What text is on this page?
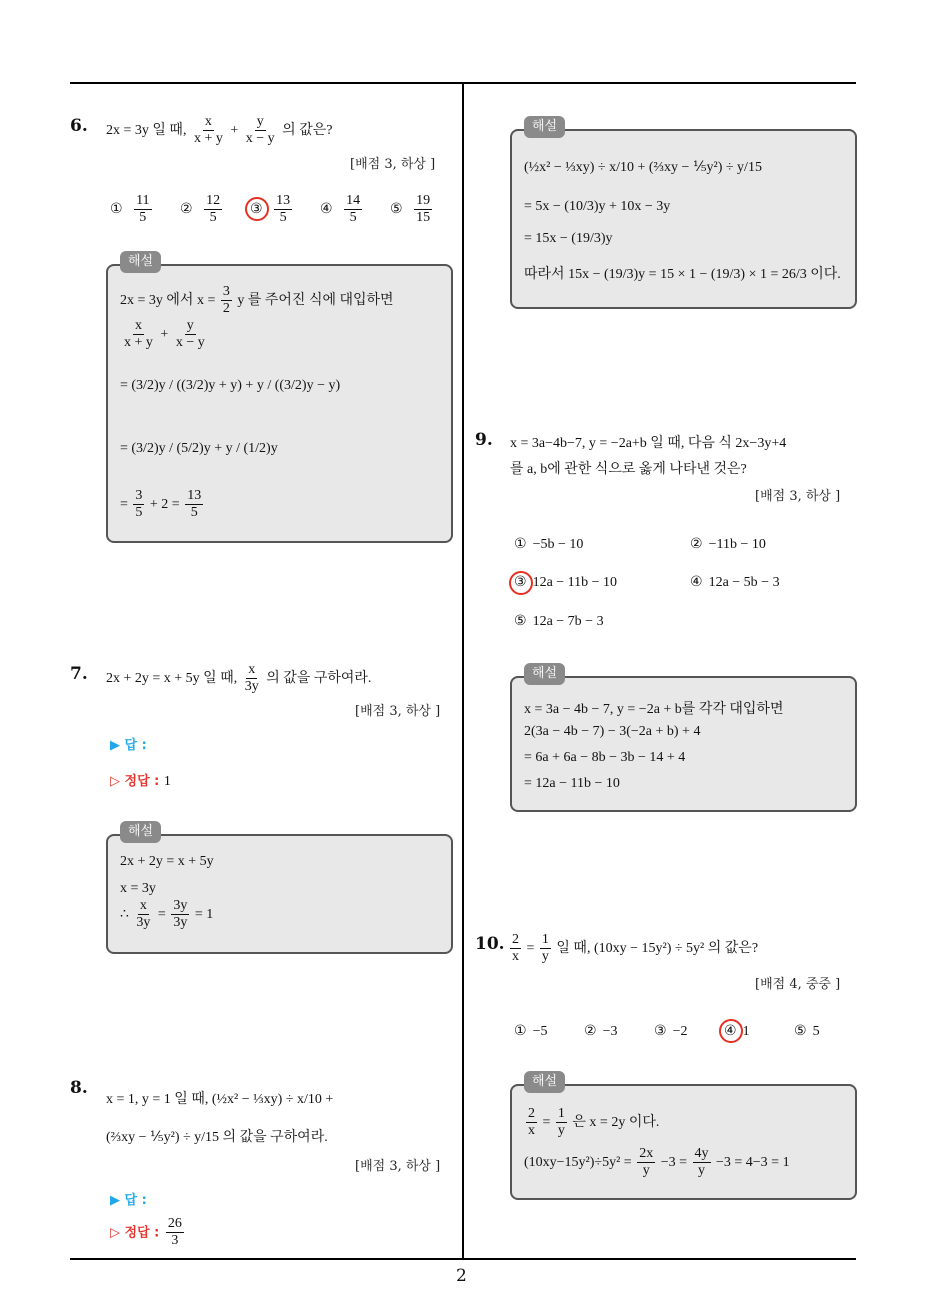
2
6. 2x = 3y 일 때, $\frac{x}{x + y} + \frac{y}{x - y}$ 의 값은?
[배점 3, 하상 ]
① $\frac{11}{5}$ ② $\frac{12}{5}$ ③ $\frac{13}{5}$ ④ $\frac{14}{5}$ ⑤ $\frac{19}{15}$
2x = 3y 에서 $x = \frac{3}{2}$ y 를 주어진 식에 대입하면
$\frac{x}{x + y} + \frac{y}{x - y}$
= (3/2)y / ((3/2)y + y) + y / ((3/2)y − y)
= (3/2)y / (5/2)y + y / (1/2)y
= $\frac{3}{5} + 2 = \frac{13}{5}$
해설
7. 2x + 2y = x + 5y 일 때, $\frac{x}{3y}$ 의 값을 구하여라.
[배점 3, 하상 ]
▶ 답 :
▷ 정답 : 1
2x + 2y = x + 5y
x = 3y
∴ $\frac{x}{3y} = \frac{3y}{3y} = 1$
해설
8.
x = 1, y = 1 일 때, (½x² − ⅓xy) ÷ x/10 +
(⅔xy − ⅕y²) ÷ y/15 의 값을 구하여라.
[배점 3, 하상 ]
▶ 답 :
▷ 정답 : $\frac{26}{3}$
(½x² − ⅓xy) ÷ x/10 + (⅔xy − ⅕y²) ÷ y/15
= 5x − (10/3)y + 10x − 3y
= 15x − (19/3)y
따라서 15x − (19/3)y = 15 × 1 − (19/3) × 1 = 26/3 이다.
해설
9. x = 3a−4b−7, y = −2a+b 일 때, 다음 식 2x−3y+4
를 a, b에 관한 식으로 옳게 나타낸 것은?
[배점 3, 하상 ]
① −5b − 10	② −11b − 10
③ 12a − 11b − 10	④ 12a − 5b − 3
⑤ 12a − 7b − 3
x = 3a − 4b − 7, y = −2a + b를 각각 대입하면
2(3a − 4b − 7) − 3(−2a + b) + 4
= 6a + 6a − 8b − 3b − 14 + 4
= 12a − 11b − 10
해설
10. $\frac{2}{x} = \frac{1}{y}$ 일 때, (10xy − 15y²) ÷ 5y² 의 값은?
[배점 4, 중중 ]
① −5	② −3	③ −2	④ 1	⑤ 5
$\frac{2}{x} = \frac{1}{y}$ 은 x = 2y 이다.
$(10xy-15y^2)\div 5y^2 = \frac{2x}{y} -3 = \frac{4y}{y} -3 = 4-3 = 1$
해설
